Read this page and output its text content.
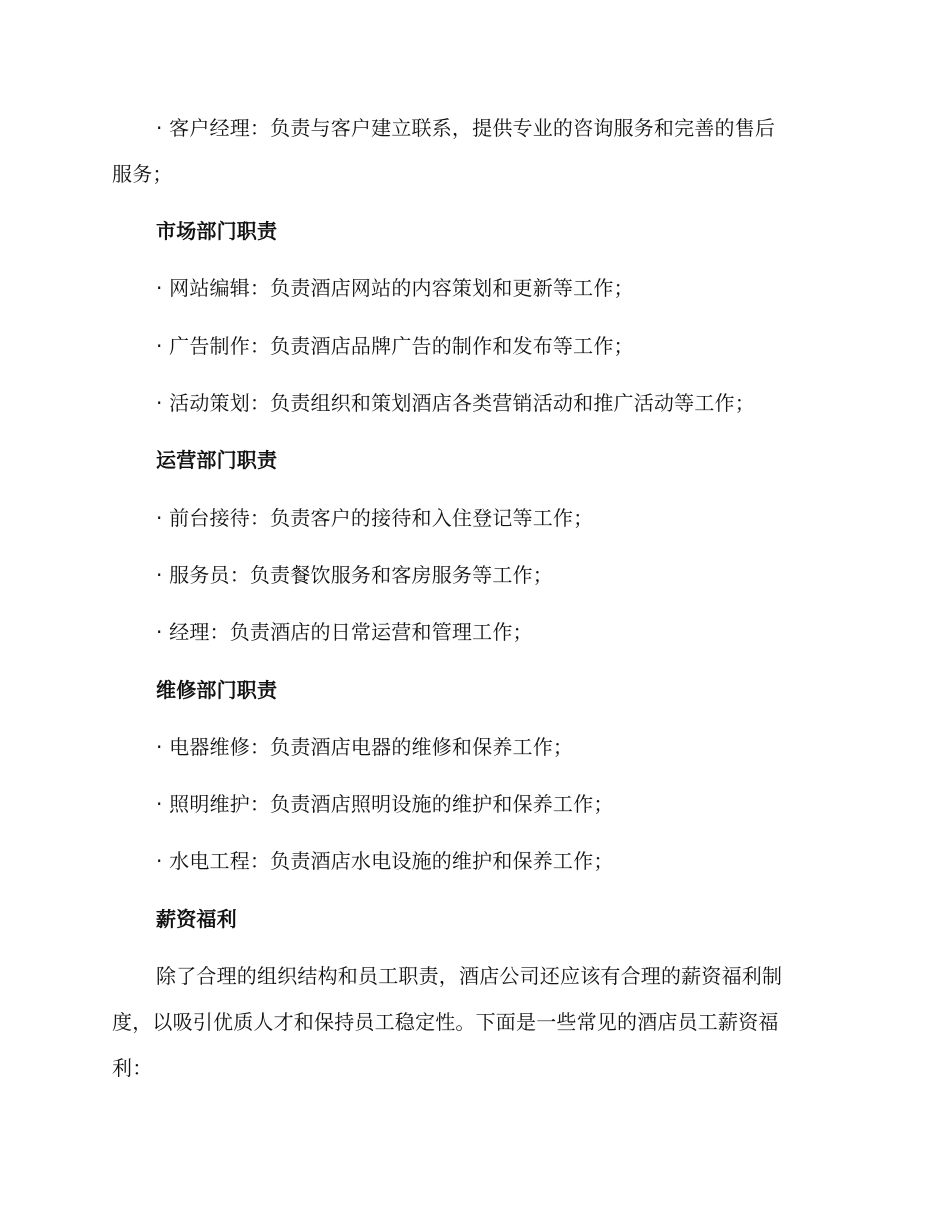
· 客户经理：负责与客户建立联系，提供专业的咨询服务和完善的售后
服务；
市场部门职责
· 网站编辑：负责酒店网站的内容策划和更新等工作；
· 广告制作：负责酒店品牌广告的制作和发布等工作；
· 活动策划：负责组织和策划酒店各类营销活动和推广活动等工作；
运营部门职责
· 前台接待：负责客户的接待和入住登记等工作；
· 服务员：负责餐饮服务和客房服务等工作；
· 经理：负责酒店的日常运营和管理工作；
维修部门职责
· 电器维修：负责酒店电器的维修和保养工作；
· 照明维护：负责酒店照明设施的维护和保养工作；
· 水电工程：负责酒店水电设施的维护和保养工作；
薪资福利
除了合理的组织结构和员工职责，酒店公司还应该有合理的薪资福利制
度，以吸引优质人才和保持员工稳定性。下面是一些常见的酒店员工薪资福
利：
